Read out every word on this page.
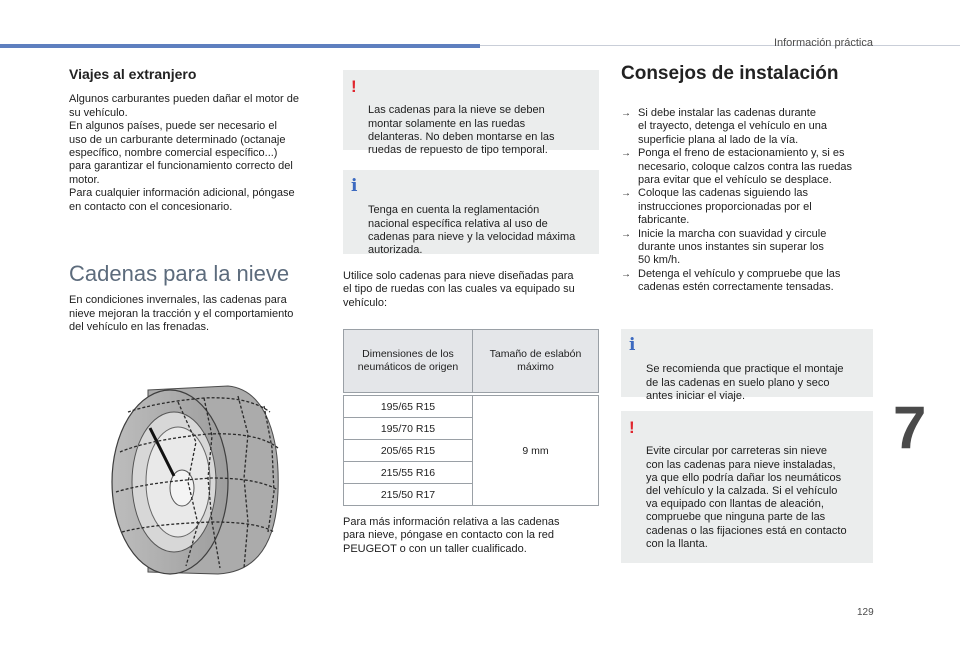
Información práctica
Viajes al extranjero

Algunos carburantes pueden dañar el motor de
su vehículo.
En algunos países, puede ser necesario el
uso de un carburante determinado (octanaje
específico, nombre comercial específico...)
para garantizar el funcionamiento correcto del
motor.
Para cualquier información adicional, póngase
en contacto con el concesionario.

Cadenas para la nieve

En condiciones invernales, las cadenas para
nieve mejoran la tracción y el comportamiento
del vehículo en las frenadas.

!

Las cadenas para la nieve se deben
montar solamente en las ruedas
delanteras. No deben montarse en las
ruedas de repuesto de tipo temporal.

i

Tenga en cuenta la reglamentación
nacional específica relativa al uso de
cadenas para nieve y la velocidad máxima
autorizada.

Utilice solo cadenas para nieve diseñadas para
el tipo de ruedas con las cuales va equipado su
vehículo:

Dimensiones de los
neumáticos de origen	Tamaño de eslabón
máximo

195/65 R15	9 mm
195/70 R15	
205/65 R15	
215/55 R16	
215/50 R17	

Para más información relativa a las cadenas
para nieve, póngase en contacto con la red
PEUGEOT o con un taller cualificado.

Consejos de instalación
→ Si debe instalar las cadenas durante
el trayecto, detenga el vehículo en una
superficie plana al lado de la vía.
→ Ponga el freno de estacionamiento y, si es
necesario, coloque calzos contra las ruedas
para evitar que el vehículo se desplace.
→ Coloque las cadenas siguiendo las
instrucciones proporcionadas por el
fabricante.
→ Inicie la marcha con suavidad y circule
durante unos instantes sin superar los
50 km/h.
→ Detenga el vehículo y compruebe que las
cadenas estén correctamente tensadas.

i

Se recomienda que practique el montaje
de las cadenas en suelo plano y seco
antes iniciar el viaje.

!

Evite circular por carreteras sin nieve
con las cadenas para nieve instaladas,
ya que ello podría dañar los neumáticos
del vehículo y la calzada. Si el vehículo
va equipado con llantas de aleación,
compruebe que ninguna parte de las
cadenas o las fijaciones está en contacto
con la llanta.

7
129
